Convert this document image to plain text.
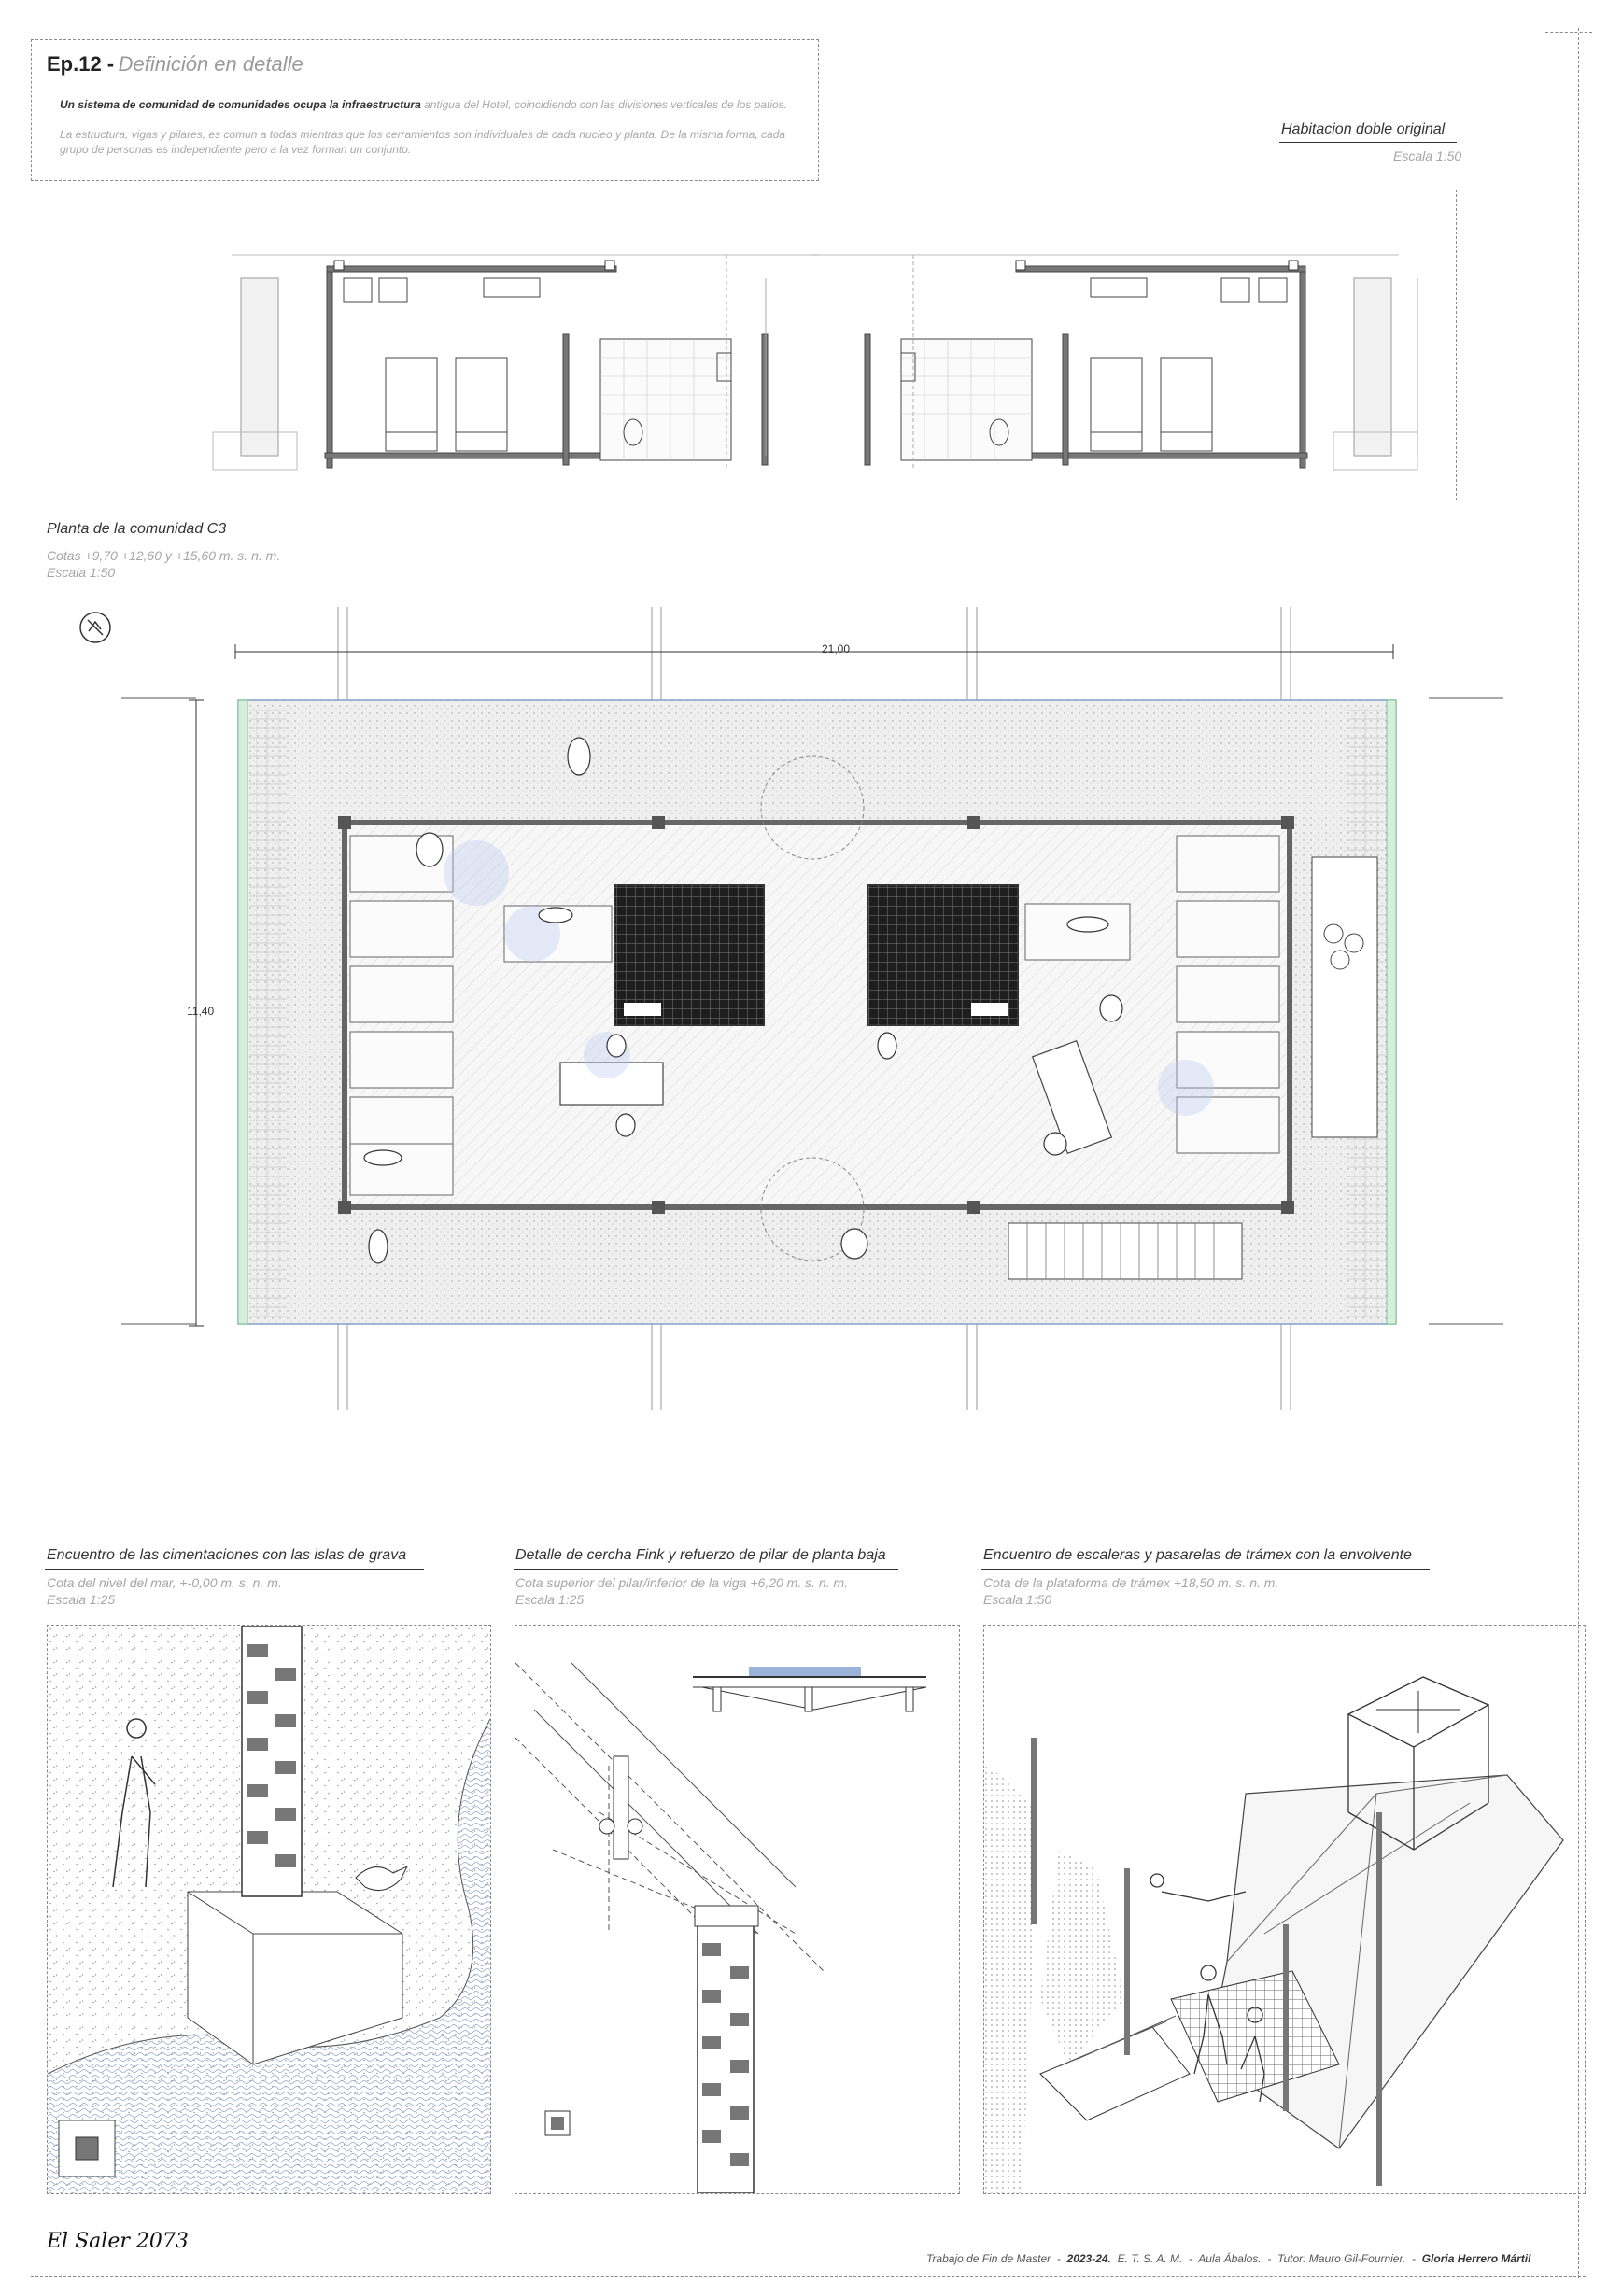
Ep.12 - Definición en detalle
Un sistema de comunidad de comunidades ocupa la infraestructura antigua del Hotel, coincidiendo con las divisiones verticales de los patios.
La estructura, vigas y pilares, es comun a todas mientras que los cerramientos son individuales de cada nucleo y planta. De la misma forma, cada grupo de personas es independiente pero a la vez forman un conjunto.
Habitacion doble original
Escala 1:50
Planta de la comunidad C3
Cotas +9,70 +12,60 y +15,60 m. s. n. m.
Escala 1:50
21,00
11,40
Encuentro de las cimentaciones con las islas de grava
Cota del nivel del mar, +-0,00 m. s. n. m.
Escala 1:25
Detalle de cercha Fink y refuerzo de pilar de planta baja
Cota superior del pilar/inferior de la viga +6,20 m. s. n. m.
Escala 1:25
Encuentro de escaleras y pasarelas de trámex con la envolvente
Cota de la plataforma de trámex +18,50 m. s. n. m.
Escala 1:50
El Saler 2073
Trabajo de Fin de Master - 2023-24. E. T. S. A. M. - Aula Ábalos. - Tutor: Mauro Gil-Fournier. - Gloria Herrero Mártil
